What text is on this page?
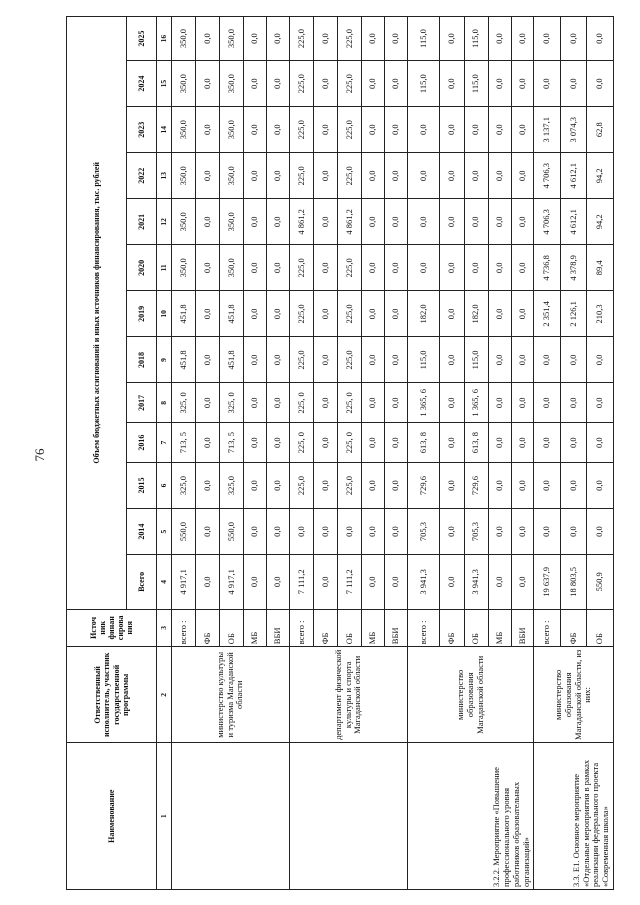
76
Наименование	Ответственный исполнитель, участник государственной программы	Источ ник финан сирова ния	Объем бюджетных ассигнований и иных источников финансирования, тыс. рублей												
			Всего	2014	2015	2016	2017	2018	2019	2020	2021	2022	2023	2024	2025
1	2	3	4	5	6	7	8	9	10	11	12	13	14	15	16
	министерство культуры и туризма Магаданской области	всего :	4 917,1	550,0	325,0	713, 5	325, 0	451,8	451,8	350,0	350,0	350,0	350,0	350,0	350,0
		ФБ	0,0	0,0	0,0	0,0	0,0	0,0	0,0	0,0	0,0	0,0	0,0	0,0	0,0
		ОБ	4 917,1	550,0	325,0	713, 5	325, 0	451,8	451,8	350,0	350,0	350,0	350,0	350,0	350,0
		МБ	0,0	0,0	0,0	0,0	0,0	0,0	0,0	0,0	0,0	0,0	0,0	0,0	0,0
		ВБИ	0,0	0,0	0,0	0,0	0,0	0,0	0,0	0,0	0,0	0,0	0,0	0,0	0,0
	департамент физической культуры и спорта Магаданской области	всего :	7 111,2	0,0	225,0	225, 0	225, 0	225,0	225,0	225,0	4 861,2	225,0	225,0	225,0	225,0
		ФБ	0,0	0,0	0,0	0,0	0,0	0,0	0,0	0,0	0,0	0,0	0,0	0,0	0,0
		ОБ	7 111,2	0,0	225,0	225, 0	225, 0	225,0	225,0	225,0	4 861,2	225,0	225,0	225,0	225,0
		МБ	0,0	0,0	0,0	0,0	0,0	0,0	0,0	0,0	0,0	0,0	0,0	0,0	0,0
		ВБИ	0,0	0,0	0,0	0,0	0,0	0,0	0,0	0,0	0,0	0,0	0,0	0,0	0,0
3.2.2. Мероприятие «Повышение профессионального уровня работников образовательных организаций»	министерство образования Магаданской области	всего :	3 941,3	705,3	729,6	613, 8	1 365, 6	115,0	182,0	0,0	0,0	0,0	0,0	115,0	115,0
		ФБ	0,0	0,0	0,0	0,0	0,0	0,0	0,0	0,0	0,0	0,0	0,0	0,0	0,0
		ОБ	3 941,3	705,3	729,6	613, 8	1 365, 6	115,0	182,0	0,0	0,0	0,0	0,0	115,0	115,0
		МБ	0,0	0,0	0,0	0,0	0,0	0,0	0,0	0,0	0,0	0,0	0,0	0,0	0,0
		ВБИ	0,0	0,0	0,0	0,0	0,0	0,0	0,0	0,0	0,0	0,0	0,0	0,0	0,0
3.3. Е1. Основное мероприятие «Отдельные мероприятия в рамках реализации федерального проекта «Современная школа»	министерство образования Магаданской области, из них:	всего :	19 637,9	0,0	0,0	0,0	0,0	0,0	2 351,4	4 736,8	4 706,3	4 706,3	3 137,1	0,0	0,0
		ФБ	18 803,5	0,0	0,0	0,0	0,0	0,0	2 126,1	4 378,9	4 612,1	4 612,1	3 074,3	0,0	0,0
		ОБ	550,9	0,0	0,0	0,0	0,0	0,0	210,3	89,4	94,2	94,2	62,8	0,0	0,0
